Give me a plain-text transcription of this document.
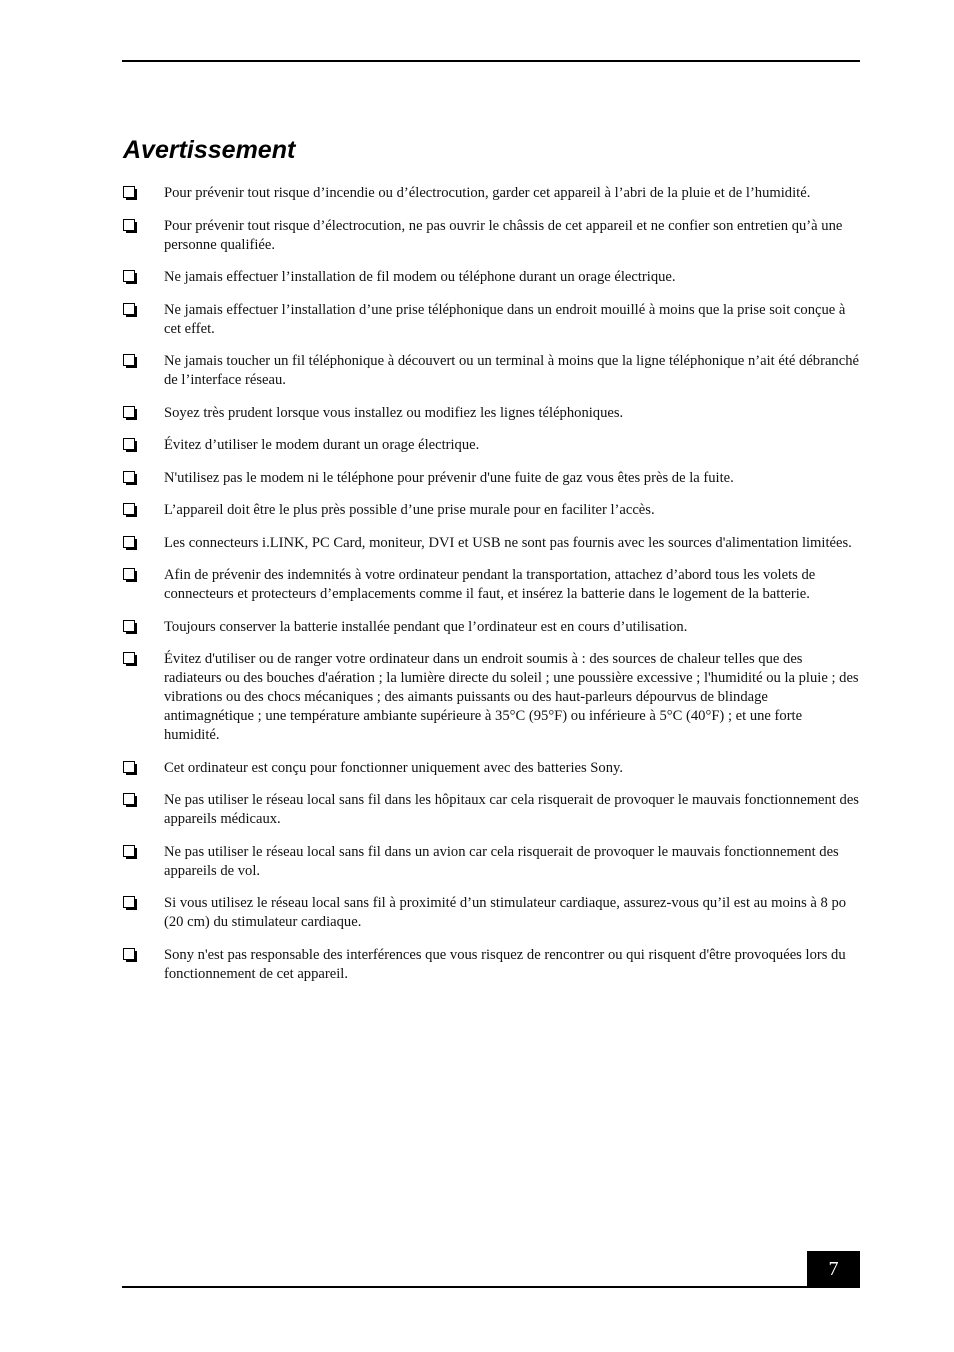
Avertissement
Pour prévenir tout risque d’incendie ou d’électrocution, garder cet appareil à l’abri de la pluie et de l’humidité.
Pour prévenir tout risque d’électrocution, ne pas ouvrir le châssis de cet appareil et ne confier son entretien qu’à une personne qualifiée.
Ne jamais effectuer l’installation de fil modem ou téléphone durant un orage électrique.
Ne jamais effectuer l’installation d’une prise téléphonique dans un endroit mouillé à moins que la prise soit conçue à cet effet.
Ne jamais toucher un fil téléphonique à découvert ou un terminal à moins que la ligne téléphonique n’ait été débranché de l’interface réseau.
Soyez très prudent lorsque vous installez ou modifiez les lignes téléphoniques.
Évitez d’utiliser le modem durant un orage électrique.
N'utilisez pas le modem ni le téléphone pour prévenir d'une fuite de gaz vous êtes près de la fuite.
L’appareil doit être le plus près possible d’une prise murale pour en faciliter l’accès.
Les connecteurs i.LINK, PC Card, moniteur, DVI et USB ne sont pas fournis avec les sources d'alimentation limitées.
Afin de prévenir des indemnités à votre ordinateur pendant la transportation, attachez d’abord tous les volets de connecteurs et protecteurs d’emplacements comme il faut, et insérez la batterie dans le logement de la batterie.
Toujours conserver la batterie installée pendant que l’ordinateur est en cours d’utilisation.
Évitez d'utiliser ou de ranger votre ordinateur dans un endroit soumis à : des sources de chaleur telles que des radiateurs ou des bouches d'aération ; la lumière directe du soleil ; une poussière excessive ; l'humidité ou la pluie ; des vibrations ou des chocs mécaniques ; des aimants puissants ou des haut-parleurs dépourvus de blindage antimagnétique ; une température ambiante supérieure à 35°C (95°F) ou inférieure à 5°C (40°F) ; et une forte humidité.
Cet ordinateur est conçu pour fonctionner uniquement avec des batteries Sony.
Ne pas utiliser le réseau local sans fil dans les hôpitaux car cela risquerait de provoquer le mauvais fonctionnement des appareils médicaux.
Ne pas utiliser le réseau local sans fil dans un avion car cela risquerait de provoquer le mauvais fonctionnement des appareils de vol.
Si vous utilisez le réseau local sans fil à proximité d’un stimulateur cardiaque, assurez-vous qu’il est au moins à 8 po (20 cm) du stimulateur cardiaque.
Sony n'est pas responsable des interférences que vous risquez de rencontrer ou qui risquent d'être provoquées lors du fonctionnement de cet appareil.
7
